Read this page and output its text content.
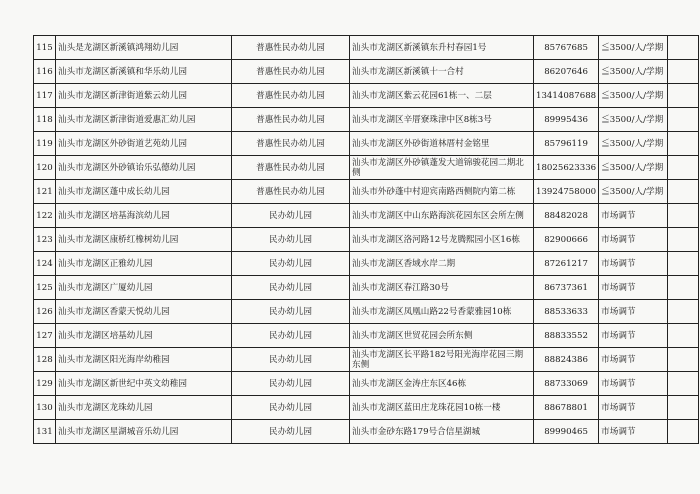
115	汕头是龙湖区新溪镇鸿翔幼儿园	普惠性民办幼儿园	汕头市龙湖区新溪镇东升村春园1号	85767685	≦3500/人/学期	
116	汕头市龙湖区新溪镇和华乐幼儿园	普惠性民办幼儿园	汕头市龙湖区新溪镇十一合村	86207646	≦3500/人/学期	
117	汕头市龙湖区新津街道紫云幼儿园	普惠性民办幼儿园	汕头市龙湖区紫云花园61栋一、二层	13414087688	≦3500/人/学期	
118	汕头市龙湖区新津街道爱惠汇幼儿园	普惠性民办幼儿园	汕头市龙湖区辛厝寮珠津中区8栋3号	89995436	≦3500/人/学期	
119	汕头市龙湖区外砂街道艺苑幼儿园	普惠性民办幼儿园	汕头市龙湖区外砂街道林厝村金铭里	85796119	≦3500/人/学期	
120	汕头市龙湖区外砂镇诒乐弘德幼儿园	普惠性民办幼儿园	汕头市龙湖区外砂镇蓬发大道锦骏花园二期北侧	18025623336	≦3500/人/学期	
121	汕头市龙湖区蓬中成长幼儿园	普惠性民办幼儿园	汕头市外砂蓬中村迎宾南路西侧院内第二栋	13924758000	≦3500/人/学期	
122	汕头市龙湖区培基海滨幼儿园	民办幼儿园	汕头市龙湖区中山东路海滨花园东区会所左侧	88482028	市场调节	
123	汕头市龙湖区康桥红橡树幼儿园	民办幼儿园	汕头市龙湖区洛河路12号龙腾熙园小区16栋	82900666	市场调节	
124	汕头市龙湖区正雅幼儿园	民办幼儿园	汕头市龙湖区香域水岸二期	87261217	市场调节	
125	汕头市龙湖区广厦幼儿园	民办幼儿园	汕头市龙湖区春江路30号	86737361	市场调节	
126	汕头市龙湖区香蒙天悦幼儿园	民办幼儿园	汕头市龙湖区凤凰山路22号香蒙雅园10栋	88533633	市场调节	
127	汕头市龙湖区培基幼儿园	民办幼儿园	汕头市龙湖区世贸花园会所东侧	88833552	市场调节	
128	汕头市龙湖区阳光海岸幼稚园	民办幼儿园	汕头市龙湖区长平路182号阳光海岸花园三期东侧	88824386	市场调节	
129	汕头市龙湖区新世纪中英文幼稚园	民办幼儿园	汕头市龙湖区金涛庄东区46栋	88733069	市场调节	
130	汕头市龙湖区龙珠幼儿园	民办幼儿园	汕头市龙湖区蓝田庄龙珠花园10栋一楼	88678801	市场调节	
131	汕头市龙湖区星湖城音乐幼儿园	民办幼儿园	汕头市金砂东路179号合信星湖城	89990465	市场调节	
